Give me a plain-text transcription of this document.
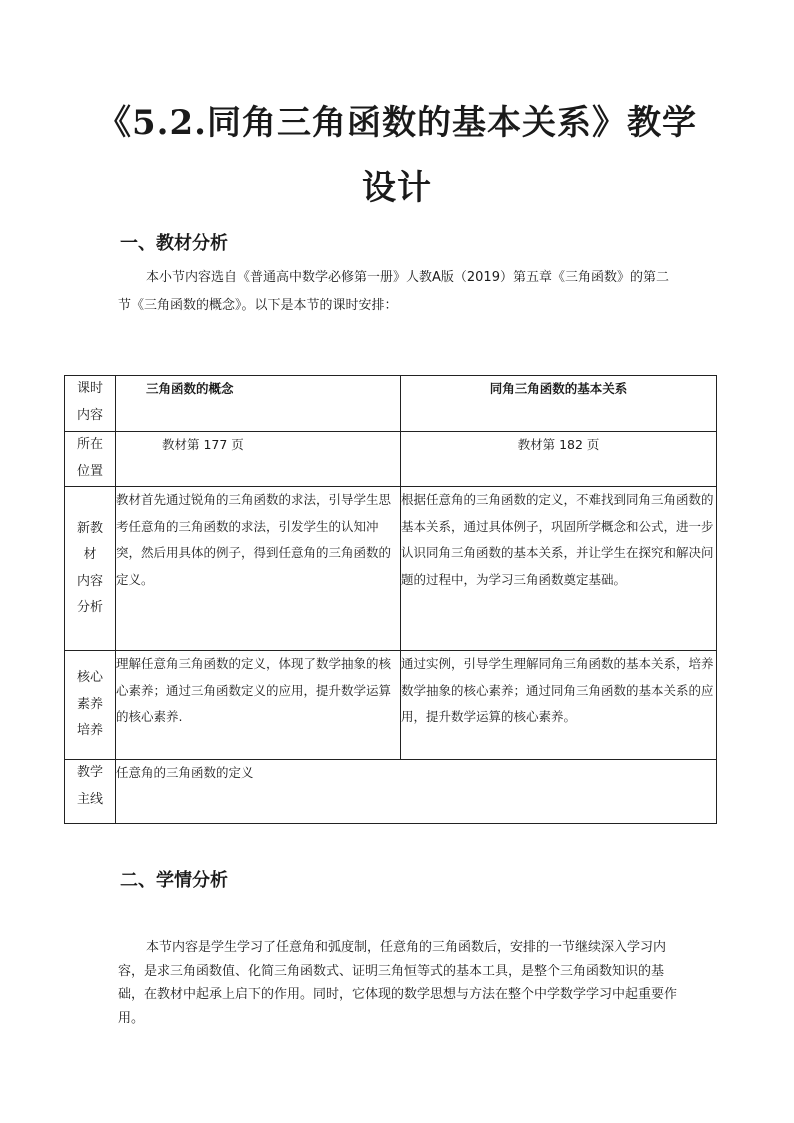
《5.2.同角三角函数的基本关系》教学
设计
一、教材分析

本小节内容选自《普通高中数学必修第一册》人教A版（2019）第五章《三角函数》的第二节《三角函数的概念》。以下是本节的课时安排：

课时
内容	三角函数的概念	同角三角函数的基本关系

所在
位置	教材第 177 页	教材第 182 页

新教
材
内容
分析	教材首先通过锐角的三角函数的求法，引导学生思考任意角的三角函数的求法，引发学生的认知冲突，然后用具体的例子，得到任意角的三角函数的定义。	根据任意角的三角函数的定义，不难找到同角三角函数的基本关系，通过具体例子，巩固所学概念和公式，进一步认识同角三角函数的基本关系，并让学生在探究和解决问题的过程中，为学习三角函数奠定基础。

核心
素养
培养	理解任意角三角函数的定义，体现了数学抽象的核心素养；通过三角函数定义的应用，提升数学运算的核心素养.	通过实例，引导学生理解同角三角函数的基本关系，培养数学抽象的核心素养；通过同角三角函数的基本关系的应用，提升数学运算的核心素养。

教学
主线	任意角的三角函数的定义	
二、学情分析

本节内容是学生学习了任意角和弧度制，任意角的三角函数后，安排的一节继续深入学习内容，是求三角函数值、化简三角函数式、证明三角恒等式的基本工具，是整个三角函数知识的基础，在教材中起承上启下的作用。同时，它体现的数学思想与方法在整个中学数学学习中起重要作用。
